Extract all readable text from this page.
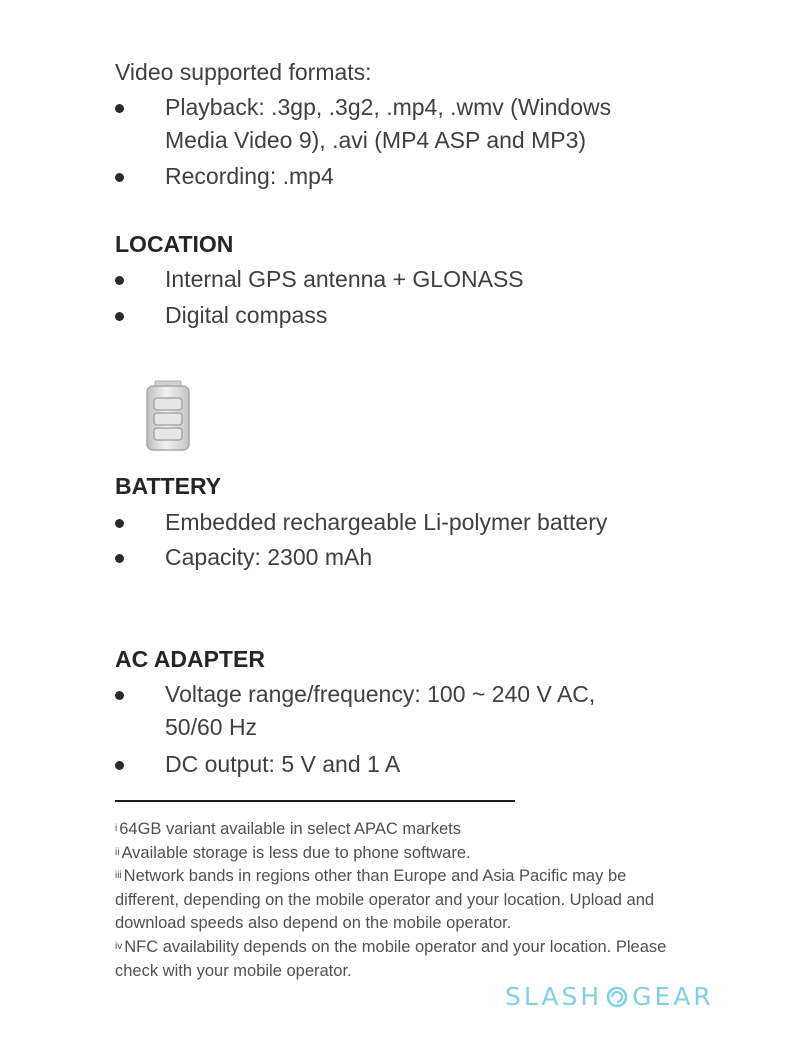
Video supported formats:
Playback: .3gp, .3g2, .mp4, .wmv (Windows Media Video 9), .avi (MP4 ASP and MP3)
Recording: .mp4
LOCATION
Internal GPS antenna + GLONASS
Digital compass
BATTERY
Embedded rechargeable Li-polymer battery
Capacity: 2300 mAh
AC ADAPTER
Voltage range/frequency: 100 ~ 240 V AC, 50/60 Hz
DC output: 5 V and 1 A
$^i$ 64GB variant available in select APAC markets
$^{ii}$ Available storage is less due to phone software.
$^{iii}$ Network bands in regions other than Europe and Asia Pacific may be different, depending on the mobile operator and your location. Upload and download speeds also depend on the mobile operator.
$^{iv}$ NFC availability depends on the mobile operator and your location. Please check with your mobile operator.
SLASH GEAR
